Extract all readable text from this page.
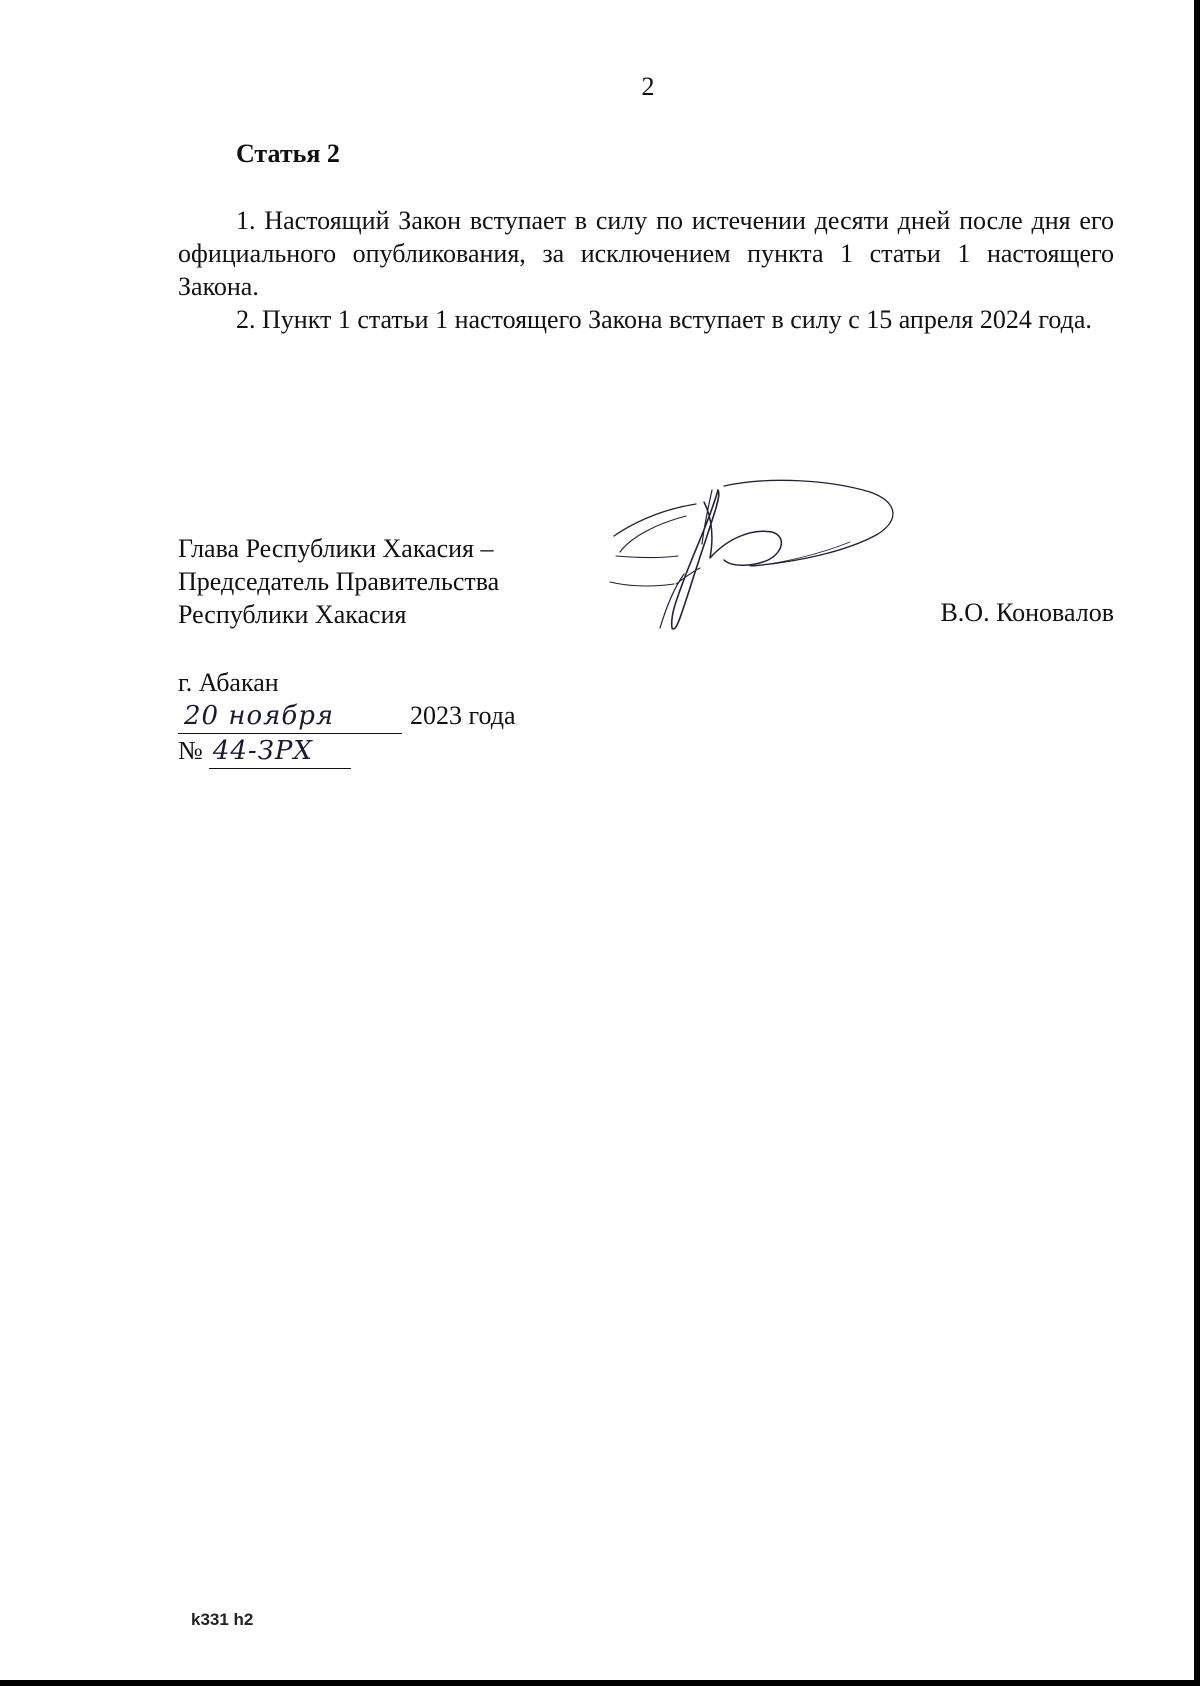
2
Статья 2

1. Настоящий Закон вступает в силу по истечении десяти дней после дня его официального опубликования, за исключением пункта 1 статьи 1 настоящего Закона.

2. Пункт 1 статьи 1 настоящего Закона вступает в силу с 15 апреля 2024 года.

Глава Республики Хакасия –
Председатель Правительства
Республики Хакасия	В.О. Коновалов
г. Абакан
20 ноября	2023 года
№ 44-ЗРХ
k331 h2
